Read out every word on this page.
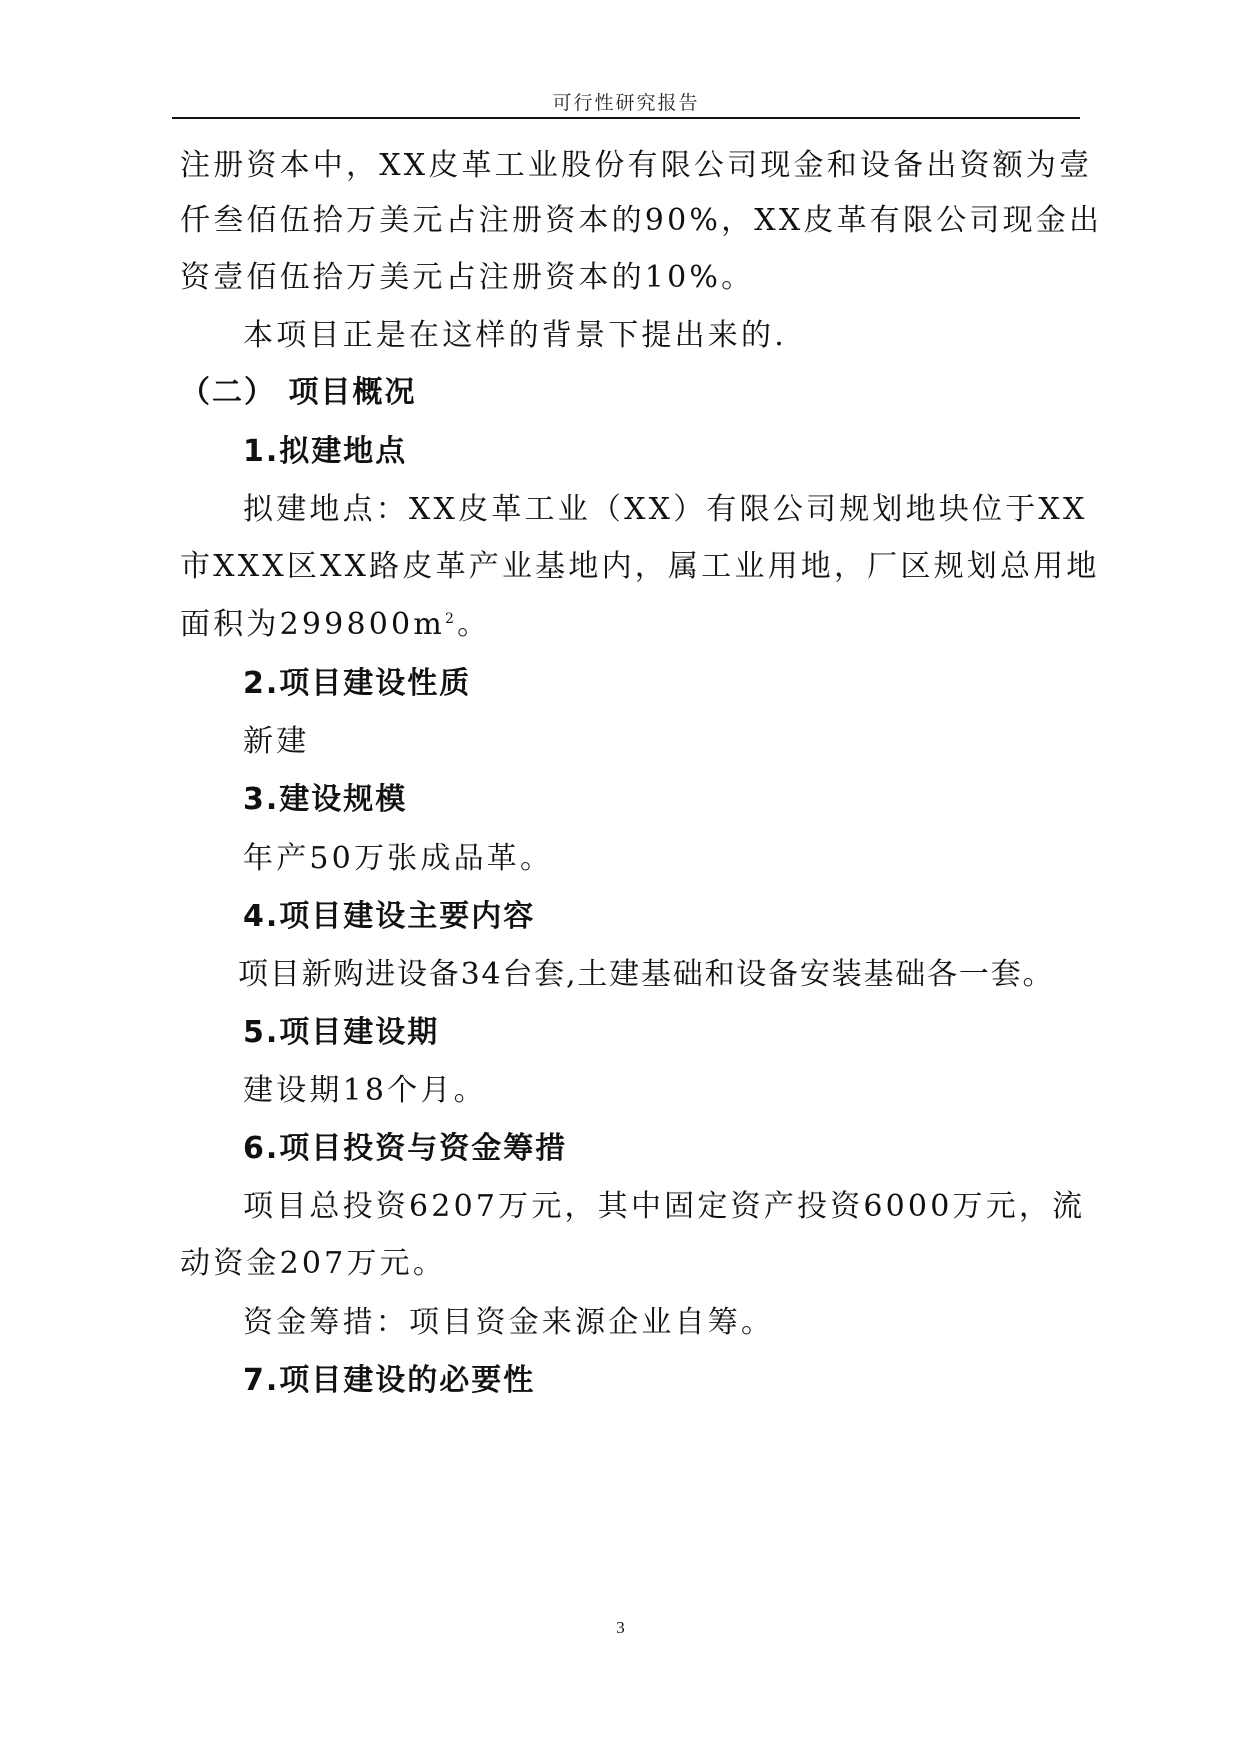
可行性研究报告
注册资本中，XX皮革工业股份有限公司现金和设备出资额为壹
仟叁佰伍拾万美元占注册资本的90%，XX皮革有限公司现金出
资壹佰伍拾万美元占注册资本的10%。
本项目正是在这样的背景下提出来的.
（二） 项目概况
1.拟建地点
拟建地点：XX皮革工业（XX）有限公司规划地块位于XX
市XXX区XX路皮革产业基地内，属工业用地，厂区规划总用地
面积为$299800m^2$。
2.项目建设性质
新建
3.建设规模
年产50万张成品革。
4.项目建设主要内容
项目新购进设备34台套,土建基础和设备安装基础各一套。
5.项目建设期
建设期18个月。
6.项目投资与资金筹措
项目总投资6207万元，其中固定资产投资6000万元，流
动资金207万元。
资金筹措：项目资金来源企业自筹。
7.项目建设的必要性
3
